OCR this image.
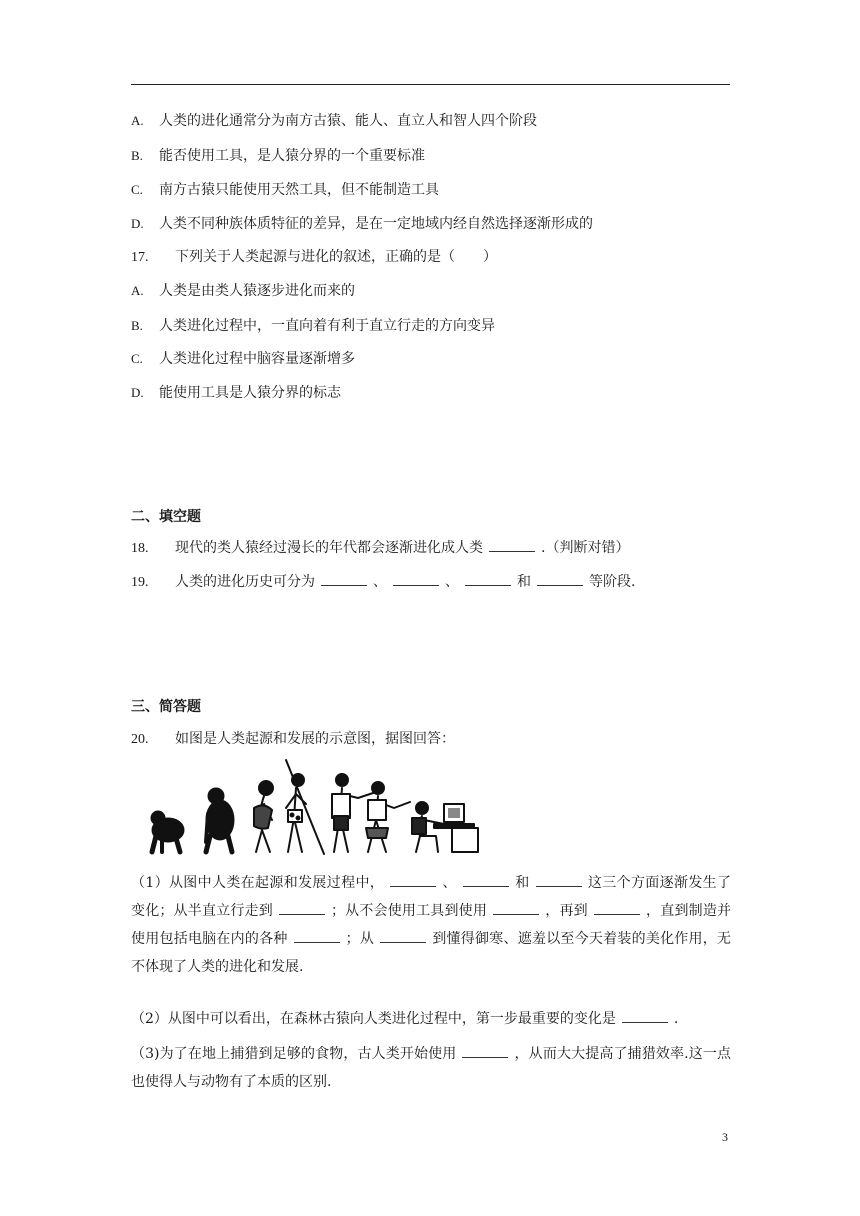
A. 人类的进化通常分为南方古猿、能人、直立人和智人四个阶段
B. 能否使用工具，是人猿分界的一个重要标准
C. 南方古猿只能使用天然工具，但不能制造工具
D. 人类不同种族体质特征的差异，是在一定地域内经自然选择逐渐形成的
17. 下列关于人类起源与进化的叙述，正确的是（　　）
A. 人类是由类人猿逐步进化而来的
B. 人类进化过程中，一直向着有利于直立行走的方向变异
C. 人类进化过程中脑容量逐渐增多
D. 能使用工具是人猿分界的标志
二、填空题
18. 现代的类人猿经过漫长的年代都会逐渐进化成人类	.（判断对错）
19. 人类的进化历史可分为	、	、	和	等阶段.
三、简答题
20. 如图是人类起源和发展的示意图，据图回答：
（1）从图中人类在起源和发展过程中，	、	和	这三个方面逐渐发生了变化；从半直立行走到	；从不会使用工具到使用	，再到	，直到制造并使用包括电脑在内的各种	；从	到懂得御寒、遮羞以至今天着装的美化作用，无不体现了人类的进化和发展.
（2）从图中可以看出，在森林古猿向人类进化过程中，第一步最重要的变化是	.
（3)为了在地上捕猎到足够的食物，古人类开始使用	，从而大大提高了捕猎效率.这一点也使得人与动物有了本质的区别.
3
